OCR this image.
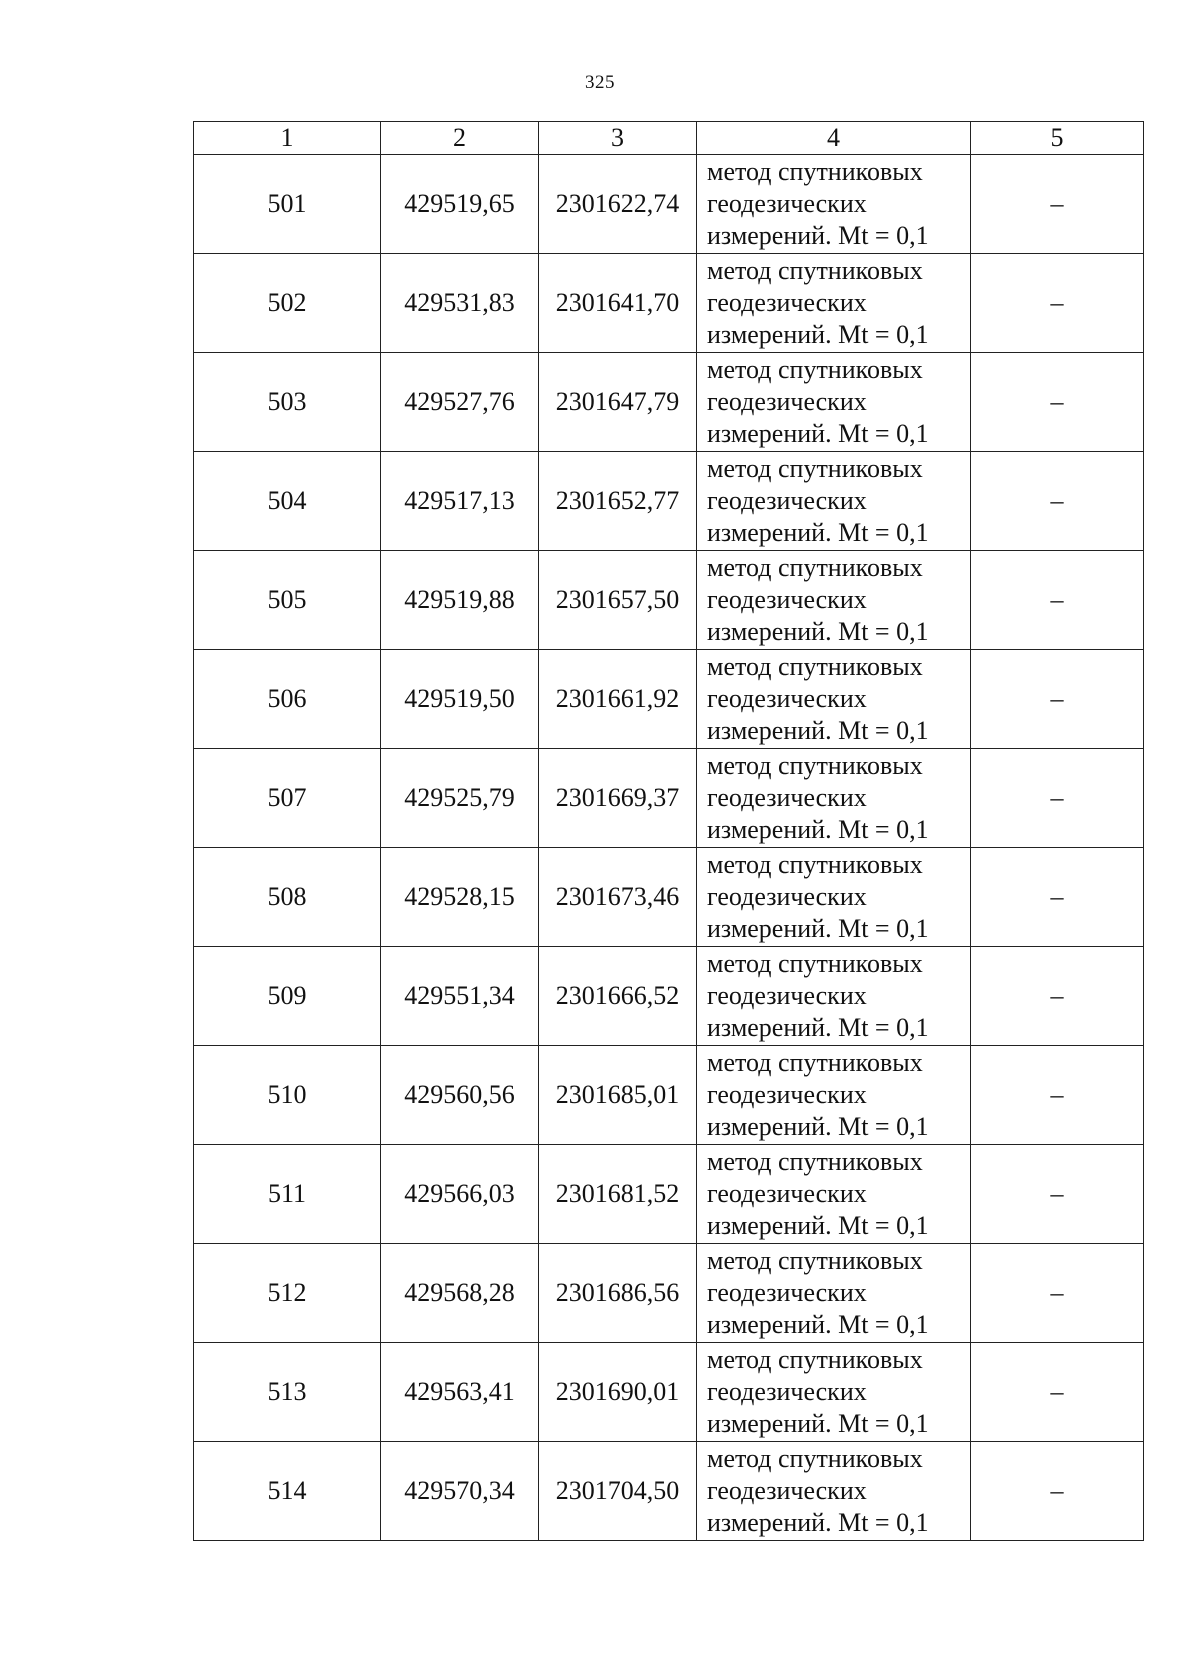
325
1	2	3	4	5
501	429519,65	2301622,74	метод спутниковых
геодезических
измерений. Mt = 0,1	–
502	429531,83	2301641,70	метод спутниковых
геодезических
измерений. Mt = 0,1	–
503	429527,76	2301647,79	метод спутниковых
геодезических
измерений. Mt = 0,1	–
504	429517,13	2301652,77	метод спутниковых
геодезических
измерений. Mt = 0,1	–
505	429519,88	2301657,50	метод спутниковых
геодезических
измерений. Mt = 0,1	–
506	429519,50	2301661,92	метод спутниковых
геодезических
измерений. Mt = 0,1	–
507	429525,79	2301669,37	метод спутниковых
геодезических
измерений. Mt = 0,1	–
508	429528,15	2301673,46	метод спутниковых
геодезических
измерений. Mt = 0,1	–
509	429551,34	2301666,52	метод спутниковых
геодезических
измерений. Mt = 0,1	–
510	429560,56	2301685,01	метод спутниковых
геодезических
измерений. Mt = 0,1	–
511	429566,03	2301681,52	метод спутниковых
геодезических
измерений. Mt = 0,1	–
512	429568,28	2301686,56	метод спутниковых
геодезических
измерений. Mt = 0,1	–
513	429563,41	2301690,01	метод спутниковых
геодезических
измерений. Mt = 0,1	–
514	429570,34	2301704,50	метод спутниковых
геодезических
измерений. Mt = 0,1	–
